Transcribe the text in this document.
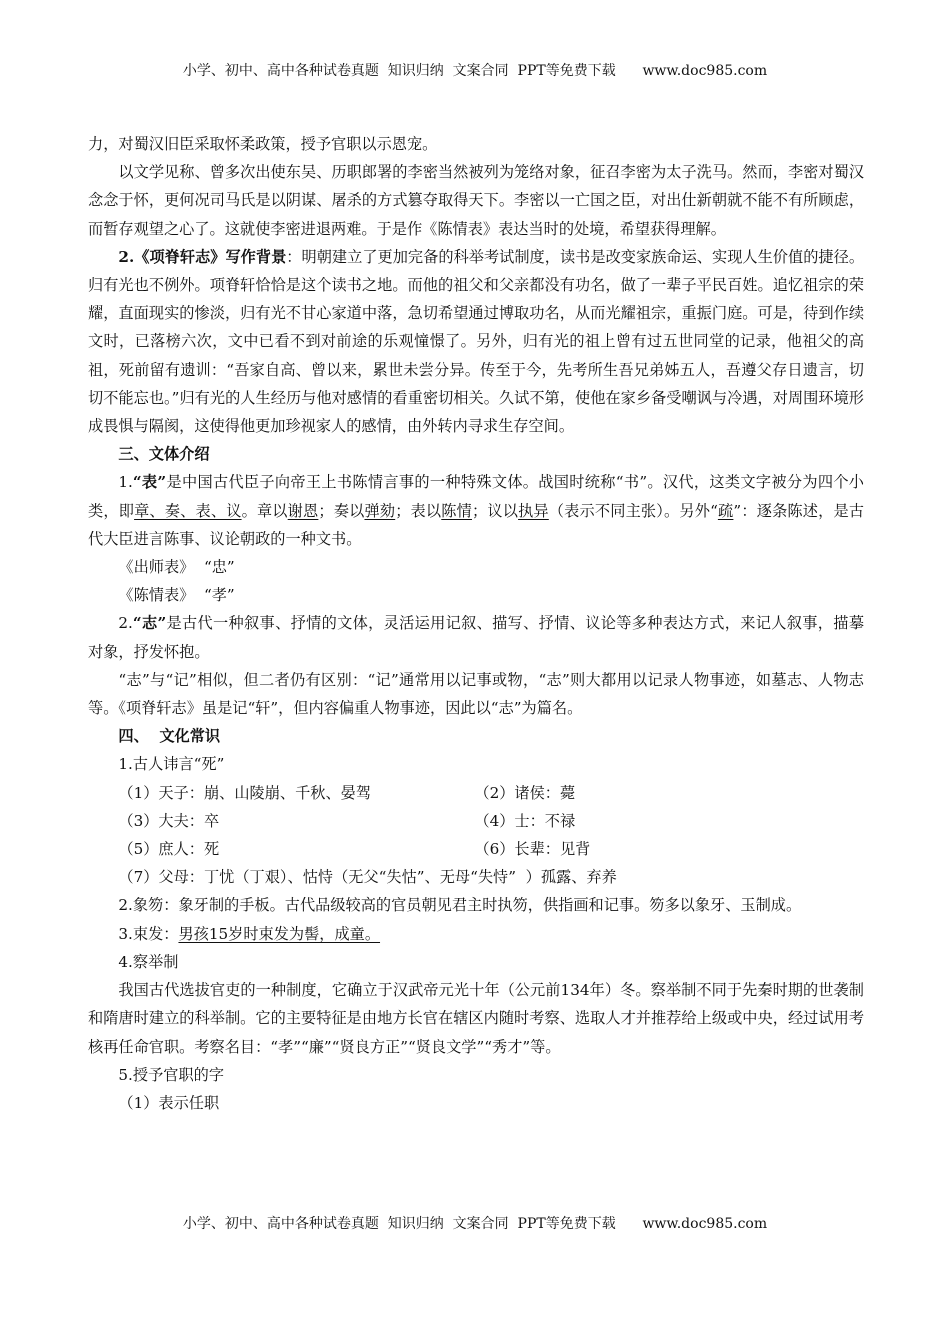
小学、初中、高中各种试卷真题  知识归纳  文案合同  PPT等免费下载      www.doc985.com

力，对蜀汉旧臣采取怀柔政策，授予官职以示恩宠。

以文学见称、曾多次出使东吴、历职郎署的李密当然被列为笼络对象，征召李密为太子洗马。然而，李密对蜀汉念念于怀，更何况司马氏是以阴谋、屠杀的方式篡夺取得天下。李密以一亡国之臣，对出仕新朝就不能不有所顾虑，而暂存观望之心了。这就使李密进退两难。于是作《陈情表》表达当时的处境，希望获得理解。

2.《项脊轩志》写作背景：明朝建立了更加完备的科举考试制度，读书是改变家族命运、实现人生价值的捷径。归有光也不例外。项脊轩恰恰是这个读书之地。而他的祖父和父亲都没有功名，做了一辈子平民百姓。追忆祖宗的荣耀，直面现实的惨淡，归有光不甘心家道中落，急切希望通过博取功名，从而光耀祖宗，重振门庭。可是，待到作续文时，已落榜六次，文中已看不到对前途的乐观憧憬了。另外，归有光的祖上曾有过五世同堂的记录，他祖父的高祖，死前留有遗训：“吾家自高、曾以来，累世未尝分异。传至于今，先考所生吾兄弟姊五人，吾遵父存日遗言，切切不能忘也。”归有光的人生经历与他对感情的看重密切相关。久试不第，使他在家乡备受嘲讽与冷遇，对周围环境形成畏惧与隔阂，这使得他更加珍视家人的感情，由外转内寻求生存空间。

三、文体介绍

1.“表”是中国古代臣子向帝王上书陈情言事的一种特殊文体。战国时统称“书”。汉代，这类文字被分为四个小类，即章、奏、表、议。章以谢恩；奏以弹劾；表以陈情；议以执异（表示不同主张）。另外“疏”：逐条陈述，是古代大臣进言陈事、议论朝政的一种文书。

《出师表》  “忠”

《陈情表》  “孝”

2.“志”是古代一种叙事、抒情的文体，灵活运用记叙、描写、抒情、议论等多种表达方式，来记人叙事，描摹对象，抒发怀抱。

“志”与“记”相似，但二者仍有区别：“记”通常用以记事或物，“志”则大都用以记录人物事迹，如墓志、人物志等。《项脊轩志》虽是记“轩”，但内容偏重人物事迹，因此以“志”为篇名。

四、  文化常识

1.古人讳言“死”

（1）天子：崩、山陵崩、千秋、晏驾	（2）诸侯：薨
（3）大夫：卒	（4）士：不禄
（5）庶人：死	（6）长辈：见背

（7）父母：丁忧（丁艰）、怙恃（无父“失怙”、无母“失恃”  ）孤露、弃养

2.象笏：象牙制的手板。古代品级较高的官员朝见君主时执笏，供指画和记事。笏多以象牙、玉制成。

3.束发：男孩15岁时束发为髻，成童。

4.察举制

我国古代选拔官吏的一种制度，它确立于汉武帝元光十年（公元前134年）冬。察举制不同于先秦时期的世袭制和隋唐时建立的科举制。它的主要特征是由地方长官在辖区内随时考察、选取人才并推荐给上级或中央，经过试用考核再任命官职。考察名目：“孝”“廉”“贤良方正”“贤良文学”“秀才”等。

5.授予官职的字

（1）表示任职

小学、初中、高中各种试卷真题  知识归纳  文案合同  PPT等免费下载      www.doc985.com
